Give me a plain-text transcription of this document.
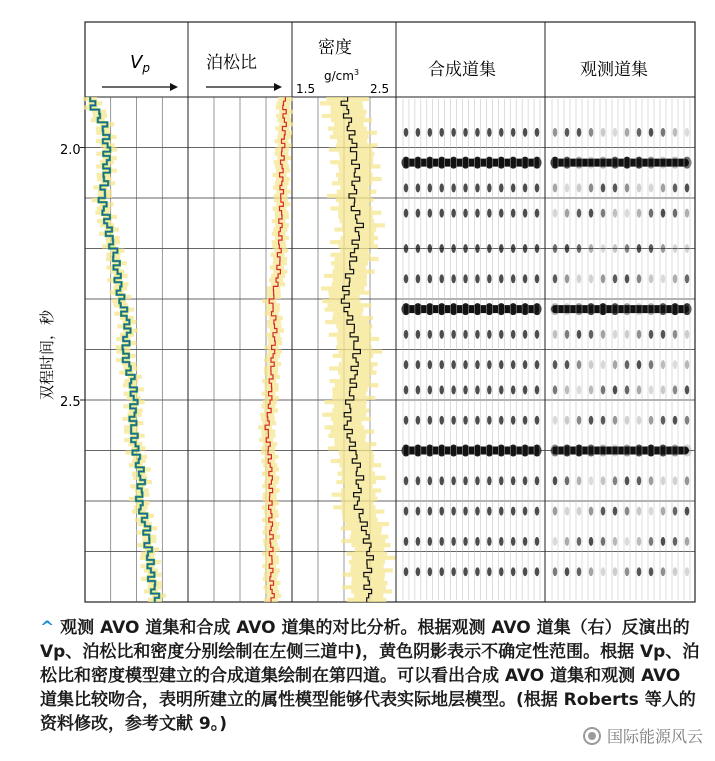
$V_p$	泊松比
密度
$g/cm^3$
1.5	2.5
合成道集	观测道集
2.0
2.5
双程时间，秒
^ 观测 AVO 道集和合成 AVO 道集的对比分析。根据观测 AVO 道集（右）反演出的 Vp、泊松比和密度分别绘制在左侧三道中)，黄色阴影表示不确定性范围。根据 Vp、泊松比和密度模型建立的合成道集绘制在第四道。可以看出合成 AVO 道集和观测 AVO 道集比较吻合，表明所建立的属性模型能够代表实际地层模型。(根据 Roberts 等人的资料修改，参考文献 9。)
国际能源风云
